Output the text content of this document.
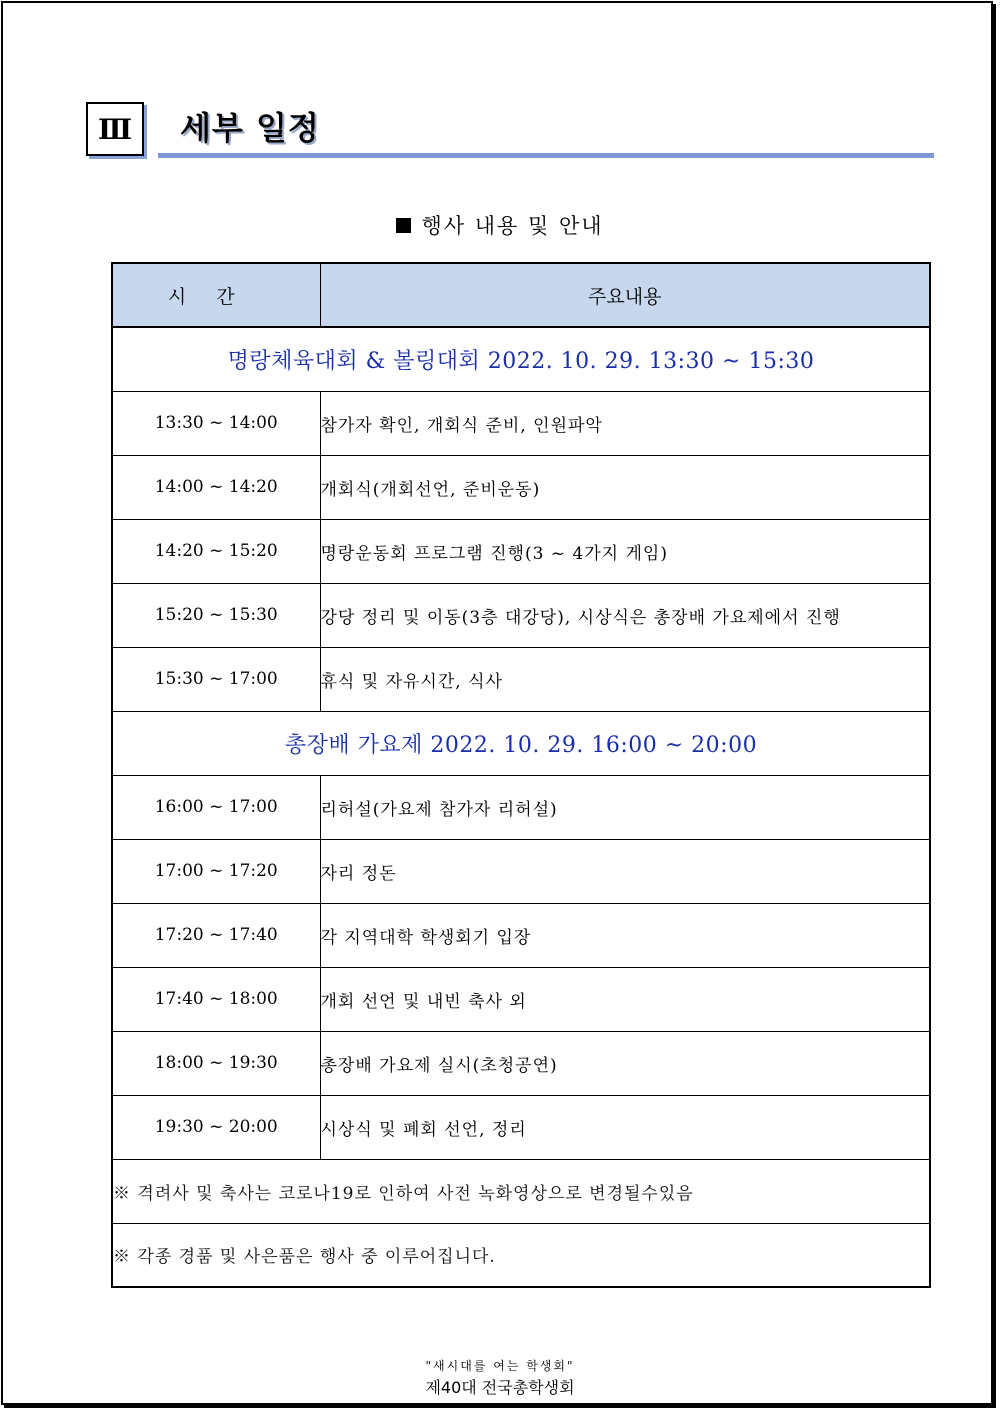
Ⅲ 세부 일정
행사 내용 및 안내
시간	주요내용
명랑체육대회 & 볼링대회 2022. 10. 29. 13:30 ~ 15:30	
13:30 ~ 14:00	참가자 확인, 개회식 준비, 인원파악
14:00 ~ 14:20	개회식(개회선언, 준비운동)
14:20 ~ 15:20	명랑운동회 프로그램 진행(3 ~ 4가지 게임)
15:20 ~ 15:30	강당 정리 및 이동(3층 대강당), 시상식은 총장배 가요제에서 진행
15:30 ~ 17:00	휴식 및 자유시간, 식사
총장배 가요제 2022. 10. 29. 16:00 ~ 20:00	
16:00 ~ 17:00	리허설(가요제 참가자 리허설)
17:00 ~ 17:20	자리 정돈
17:20 ~ 17:40	각 지역대학 학생회기 입장
17:40 ~ 18:00	개회 선언 및 내빈 축사 외
18:00 ~ 19:30	총장배 가요제 실시(초청공연)
19:30 ~ 20:00	시상식 및 폐회 선언, 정리
※ 격려사 및 축사는 코로나19로 인하여 사전 녹화영상으로 변경될수있음	
※ 각종 경품 및 사은품은 행사 중 이루어집니다.	
"새시대를 여는 학생회"
제40대 전국총학생회
